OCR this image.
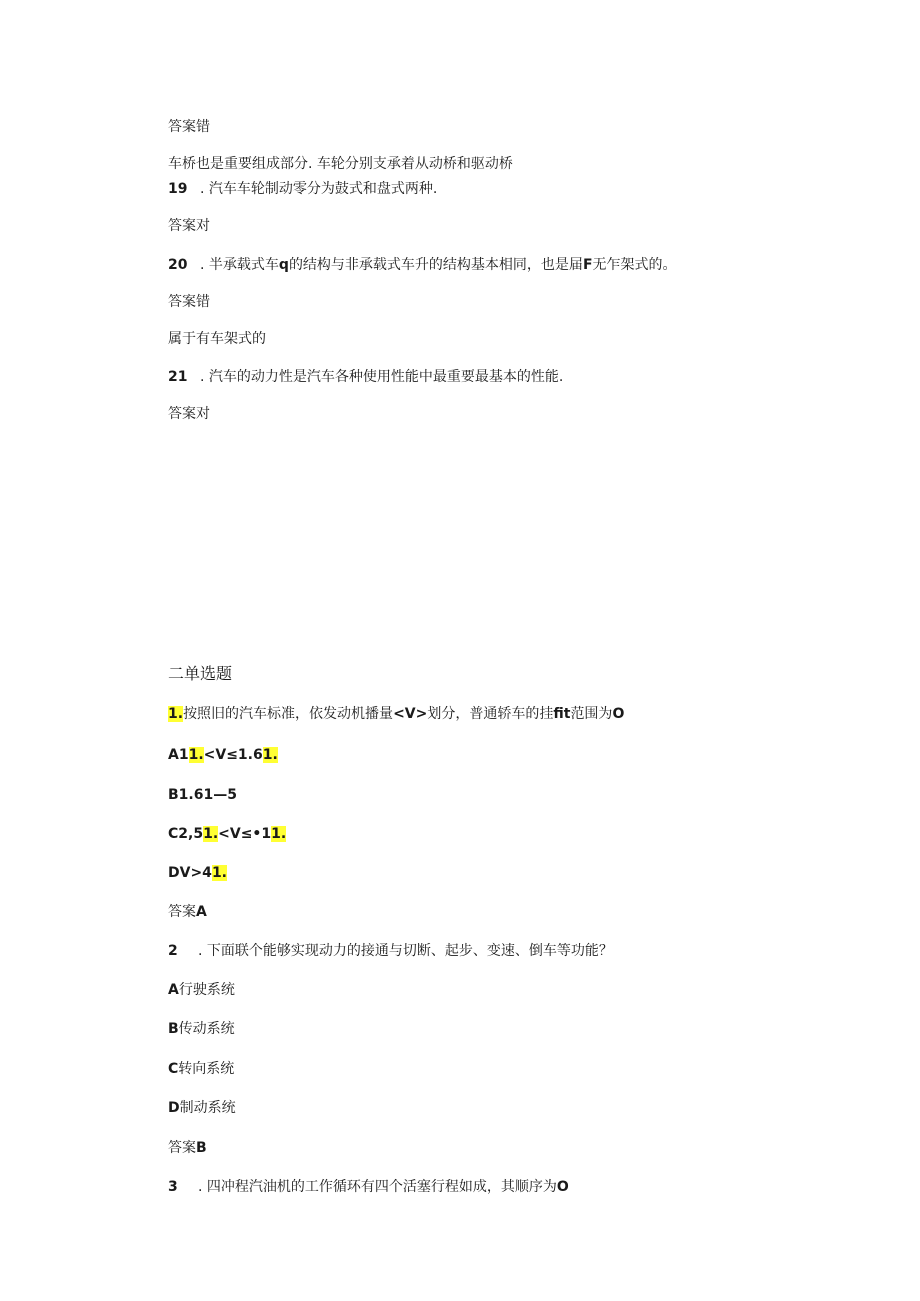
答案错
车桥也是重要组成部分. 车轮分别支承着从动桥和驱动桥
19 . 汽车车轮制动零分为鼓式和盘式两种.
答案对
20 . 半承载式车q的结构与非承载式车升的结构基本相同，也是届F无乍架式的。
答案错
属于有车架式的
21 . 汽车的动力性是汽车各种使用性能中最重要最基本的性能.
答案对
二单选题
1.按照旧的汽车标准，依发动机播量<V>划分，普通轿车的挂fit范围为O
A11.<V≤1.61.
B1.61—5
C2,51.<V≤•11.
DV>41.
答案A
2 . 下面联个能够实现动力的接通与切断、起步、变速、倒车等功能？
A行驶系统
B传动系统
C转向系统
D制动系统
答案B
3 . 四冲程汽油机的工作循环有四个活塞行程如成，其顺序为O
